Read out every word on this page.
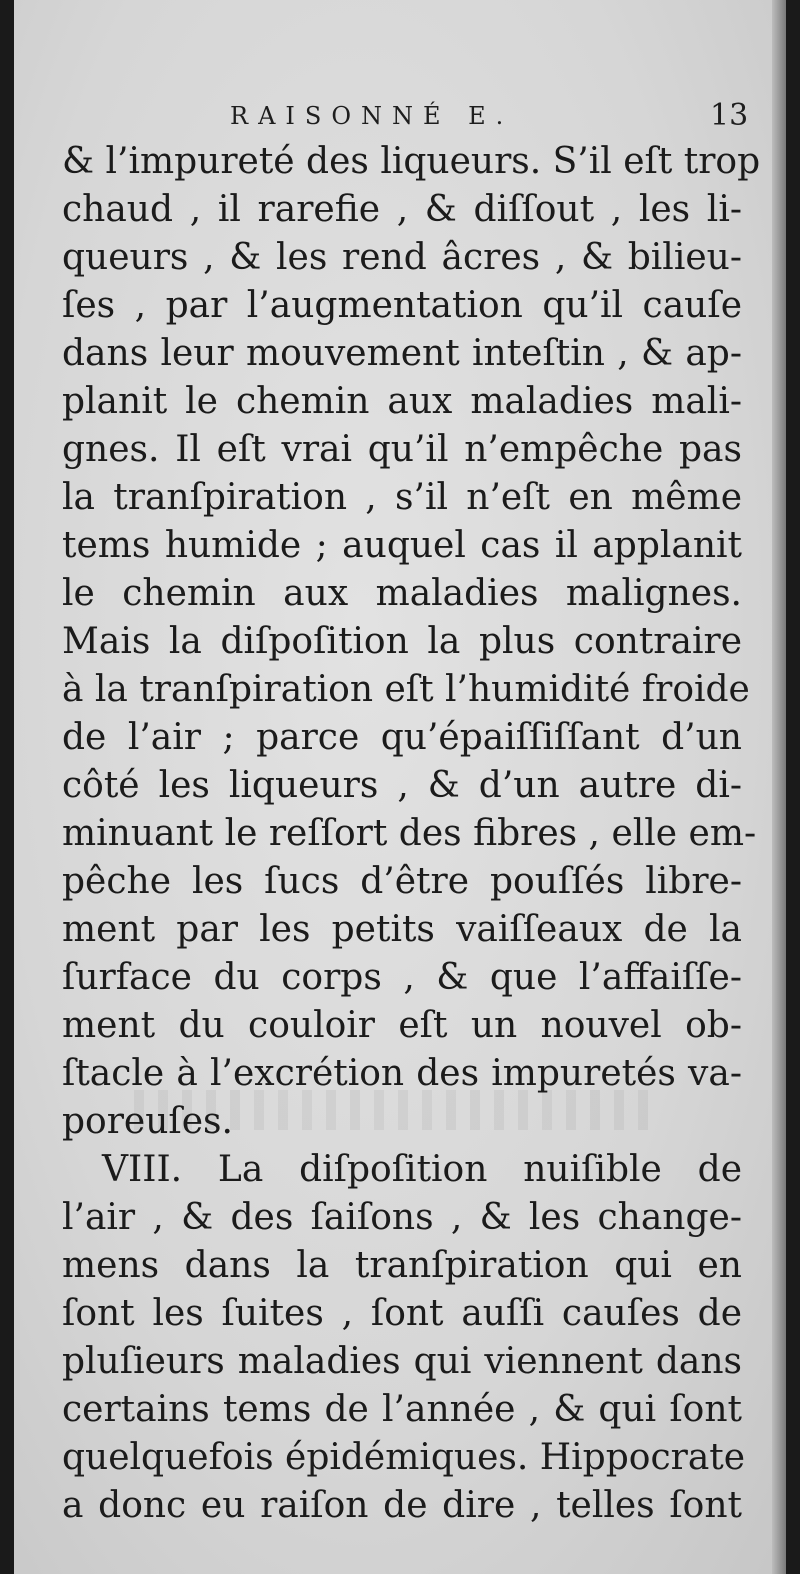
RAISONNÉ E.	13
& l’impureté des liqueurs. S’il eſt trop
chaud , il rarefie , & diſſout , les li-
queurs , & les rend âcres , & bilieu-
ſes , par l’augmentation qu’il cauſe
dans leur mouvement inteſtin , & ap-
planit le chemin aux maladies mali-
gnes. Il eſt vrai qu’il n’empêche pas
la tranſpiration , s’il n’eſt en même
tems humide ; auquel cas il applanit
le chemin aux maladies malignes.
Mais la diſpoſition la plus contraire
à la tranſpiration eſt l’humidité froide
de l’air ; parce qu’épaiſſiſſant d’un
côté les liqueurs , & d’un autre di-
minuant le reſſort des fibres , elle em-
pêche les ſucs d’être pouſſés libre-
ment par les petits vaiſſeaux de la
ſurface du corps , & que l’affaiſſe-
ment du couloir eſt un nouvel ob-
ſtacle à l’excrétion des impuretés va-
poreuſes.
VIII. La diſpoſition nuiſible de
l’air , & des ſaiſons , & les change-
mens dans la tranſpiration qui en
ſont les ſuites , ſont auſſi cauſes de
pluſieurs maladies qui viennent dans
certains tems de l’année , & qui ſont
quelquefois épidémiques. Hippocrate
a donc eu raiſon de dire , telles ſont
